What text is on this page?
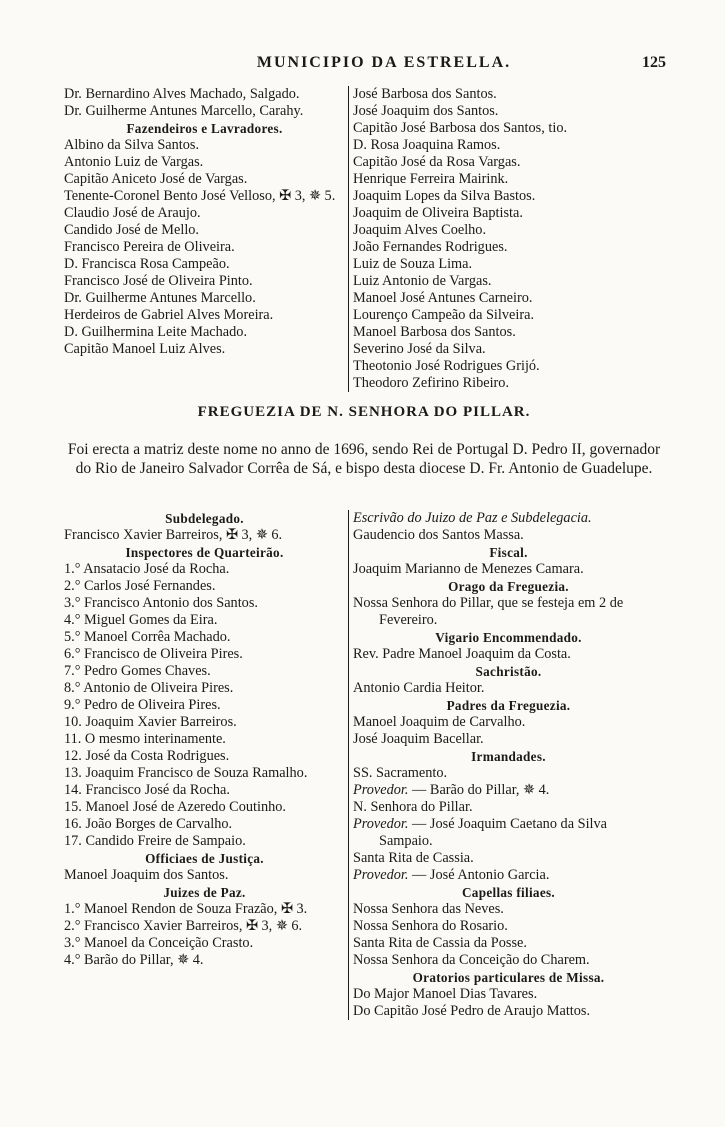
MUNICIPIO DA ESTRELLA.	125
Dr. Bernardino Alves Machado, Salgado.
Dr. Guilherme Antunes Marcello, Carahy.
Fazendeiros e Lavradores.
Albino da Silva Santos.
Antonio Luiz de Vargas.
Capitão Aniceto José de Vargas.
Tenente-Coronel Bento José Velloso, ✠ 3, ✵ 5.
Claudio José de Araujo.
Candido José de Mello.
Francisco Pereira de Oliveira.
D. Francisca Rosa Campeão.
Francisco José de Oliveira Pinto.
Dr. Guilherme Antunes Marcello.
Herdeiros de Gabriel Alves Moreira.
D. Guilhermina Leite Machado.
Capitão Manoel Luiz Alves.
José Barbosa dos Santos.
José Joaquim dos Santos.
Capitão José Barbosa dos Santos, tio.
D. Rosa Joaquina Ramos.
Capitão José da Rosa Vargas.
Henrique Ferreira Mairink.
Joaquim Lopes da Silva Bastos.
Joaquim de Oliveira Baptista.
Joaquim Alves Coelho.
João Fernandes Rodrigues.
Luiz de Souza Lima.
Luiz Antonio de Vargas.
Manoel José Antunes Carneiro.
Lourenço Campeão da Silveira.
Manoel Barbosa dos Santos.
Severino José da Silva.
Theotonio José Rodrigues Grijó.
Theodoro Zefirino Ribeiro.
FREGUEZIA DE N. SENHORA DO PILLAR.
Foi erecta a matriz deste nome no anno de 1696, sendo Rei de Portugal D. Pedro II, governador do Rio de Janeiro Salvador Corrêa de Sá, e bispo desta diocese D. Fr. Antonio de Guadelupe.
Subdelegado.
Francisco Xavier Barreiros, ✠ 3, ✵ 6.
Inspectores de Quarteirão.
1.° Ansatacio José da Rocha.
2.° Carlos José Fernandes.
3.° Francisco Antonio dos Santos.
4.° Miguel Gomes da Eira.
5.° Manoel Corrêa Machado.
6.° Francisco de Oliveira Pires.
7.° Pedro Gomes Chaves.
8.° Antonio de Oliveira Pires.
9.° Pedro de Oliveira Pires.
10. Joaquim Xavier Barreiros.
11. O mesmo interinamente.
12. José da Costa Rodrigues.
13. Joaquim Francisco de Souza Ramalho.
14. Francisco José da Rocha.
15. Manoel José de Azeredo Coutinho.
16. João Borges de Carvalho.
17. Candido Freire de Sampaio.
Officiaes de Justiça.
Manoel Joaquim dos Santos.
Juizes de Paz.
1.° Manoel Rendon de Souza Frazão, ✠ 3.
2.° Francisco Xavier Barreiros, ✠ 3, ✵ 6.
3.° Manoel da Conceição Crasto.
4.° Barão do Pillar, ✵ 4.
Escrivão do Juizo de Paz e Subdelegacia.
Gaudencio dos Santos Massa.
Fiscal.
Joaquim Marianno de Menezes Camara.
Orago da Freguezia.
Nossa Senhora do Pillar, que se festeja em 2 de Fevereiro.
Vigario Encommendado.
Rev. Padre Manoel Joaquim da Costa.
Sachristão.
Antonio Cardia Heitor.
Padres da Freguezia.
Manoel Joaquim de Carvalho.
José Joaquim Bacellar.
Irmandades.
SS. Sacramento.
Provedor. — Barão do Pillar, ✵ 4.
N. Senhora do Pillar.
Provedor. — José Joaquim Caetano da Silva Sampaio.
Santa Rita de Cassia.
Provedor. — José Antonio Garcia.
Capellas filiaes.
Nossa Senhora das Neves.
Nossa Senhora do Rosario.
Santa Rita de Cassia da Posse.
Nossa Senhora da Conceição do Charem.
Oratorios particulares de Missa.
Do Major Manoel Dias Tavares.
Do Capitão José Pedro de Araujo Mattos.
